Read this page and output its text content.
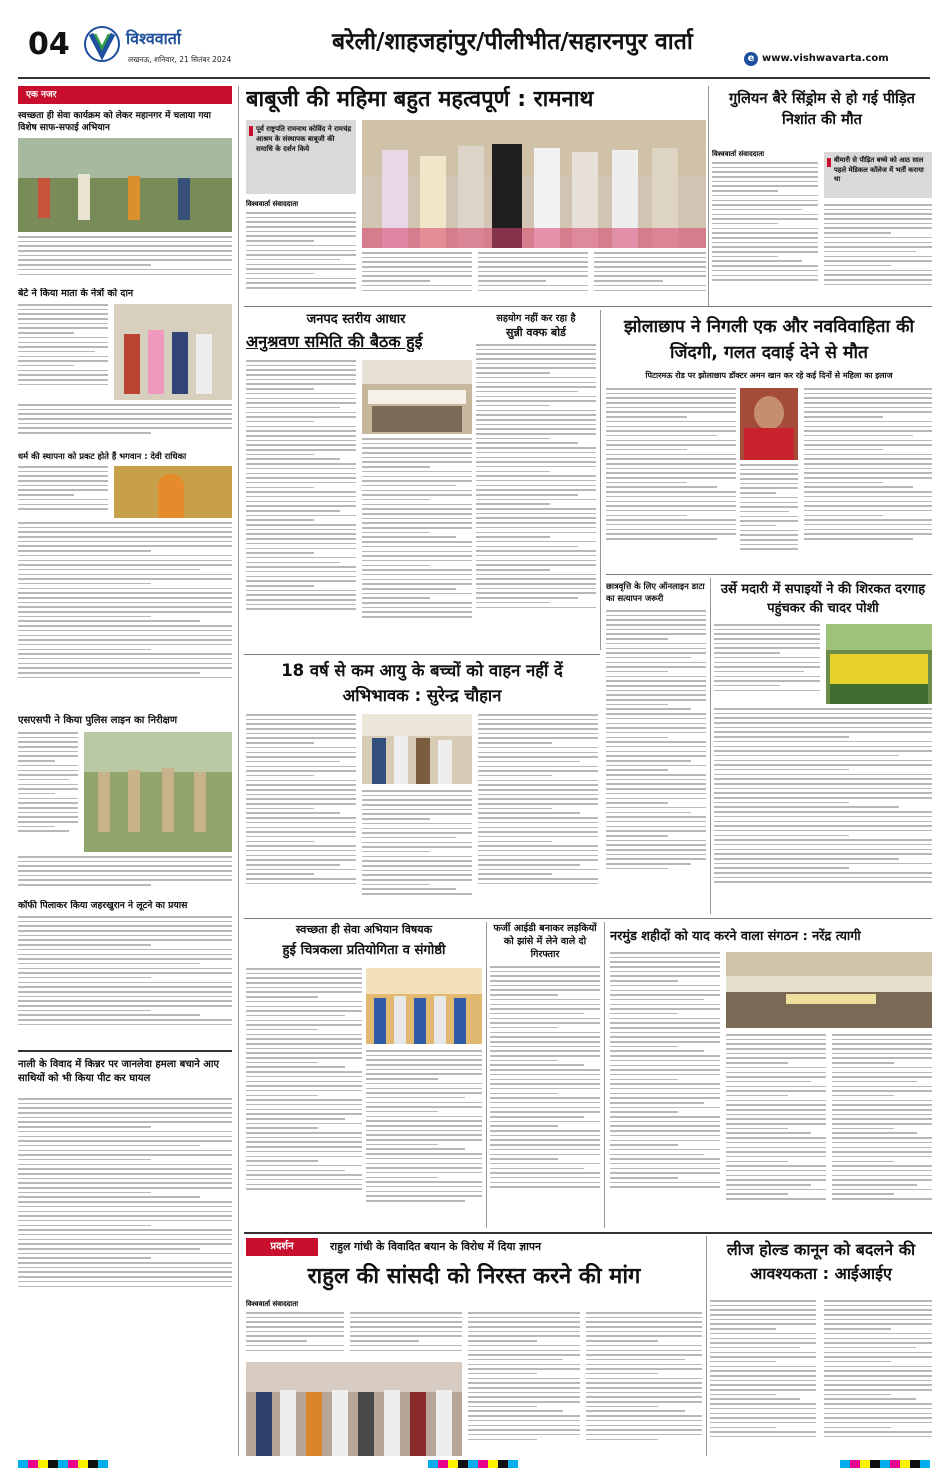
04	विश्ववार्ता
लखनऊ, शनिवार, 21 सितंबर 2024
बरेली/शाहजहांपुर/पीलीभीत/सहारनपुर वार्ता
e www.vishwavarta.com
एक नजर
स्वच्छता ही सेवा कार्यक्रम को लेकर महानगर में चलाया गया विशेष साफ-सफाई अभियान
बेटे ने किया माता के नेत्रों को दान
धर्म की स्थापना को प्रकट होते हैं भगवान : देवी राधिका
एसएसपी ने किया पुलिस लाइन का निरीक्षण
कॉफी पिलाकर किया जहरखुरान ने लूटने का प्रयास
नाली के विवाद में किन्नर पर जानलेवा हमला बचाने आए साथियों को भी किया पीट कर घायल
बाबूजी की महिमा बहुत महत्वपूर्ण : रामनाथ
पूर्व राष्ट्रपति रामनाथ कोविंद ने रामचंद्र आश्रम के संस्थापक बाबूजी की समाधि के दर्शन किये
विश्ववार्ता संवाददाता
गुलियन बैरे सिंड्रोम से हो गई पीड़ित निशांत की मौत
विश्ववार्ता संवाददाता
बीमारी से पीड़ित बच्चे को आठ साल पहले मेडिकल कॉलेज में भर्ती कराया था
जनपद स्तरीय आधार
अनुश्रवण समिति की बैठक हुई
सहयोग नहीं कर रहा है
सुन्नी वक्फ बोर्ड	झोलाछाप ने निगली एक और नवविवाहिता की जिंदगी, गलत दवाई देने से मौत
पिटारमऊ रोड पर झोलाछाप डॉक्टर अमन खान कर रहे कई दिनों से महिला का इलाज
छात्रवृत्ति के लिए ऑनलाइन डाटा का सत्यापन जरूरी
उर्से मदारी में सपाइयों ने की शिरकत दरगाह पहुंचकर की चादर पोशी
18 वर्ष से कम आयु के बच्चों को वाहन नहीं दें अभिभावक : सुरेन्द्र चौहान
स्वच्छता ही सेवा अभियान विषयक
हुई चित्रकला प्रतियोगिता व संगोष्ठी
फर्जी आईडी बनाकर लड़कियों को झांसे में लेने वाले दो गिरफ्तार
नरमुंड शहीदों को याद करने वाला संगठन : नरेंद्र त्यागी
प्रदर्शन	राहुल गांधी के विवादित बयान के विरोध में दिया ज्ञापन
राहुल की सांसदी को निरस्त करने की मांग
विश्ववार्ता संवाददाता
लीज होल्ड कानून को बदलने की आवश्यकता : आईआईए
